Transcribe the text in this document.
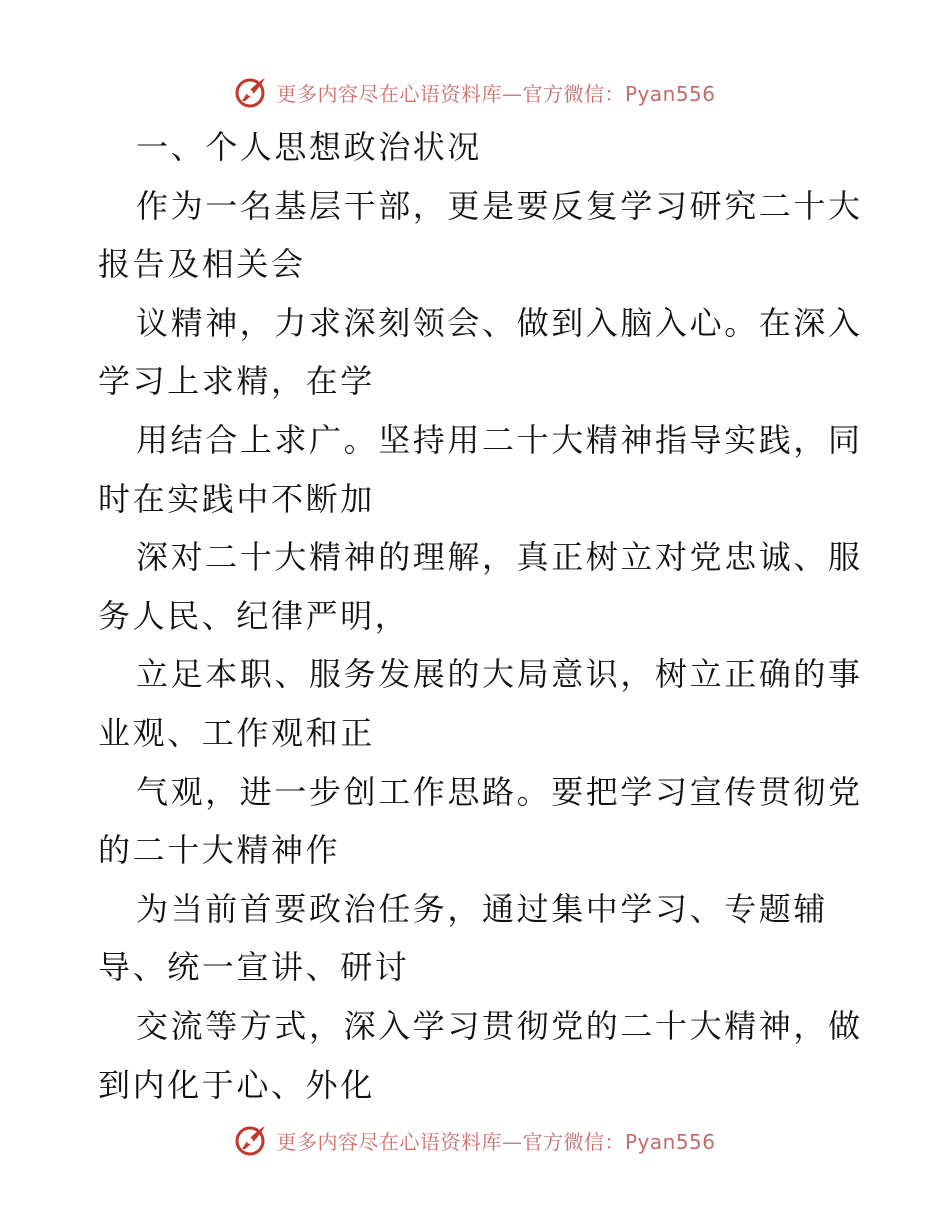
更多内容尽在心语资料库—官方微信：Pyan556
一、个人思想政治状况
作为一名基层干部，更是要反复学习研究二十大
报告及相关会
议精神，力求深刻领会、做到入脑入心。在深入
学习上求精，在学
用结合上求广。坚持用二十大精神指导实践，同
时在实践中不断加
深对二十大精神的理解，真正树立对党忠诚、服
务人民、纪律严明，
立足本职、服务发展的大局意识，树立正确的事
业观、工作观和正
气观，进一步创工作思路。要把学习宣传贯彻党
的二十大精神作
为当前首要政治任务，通过集中学习、专题辅
导、统一宣讲、研讨
交流等方式，深入学习贯彻党的二十大精神，做
到内化于心、外化
更多内容尽在心语资料库—官方微信：Pyan556
